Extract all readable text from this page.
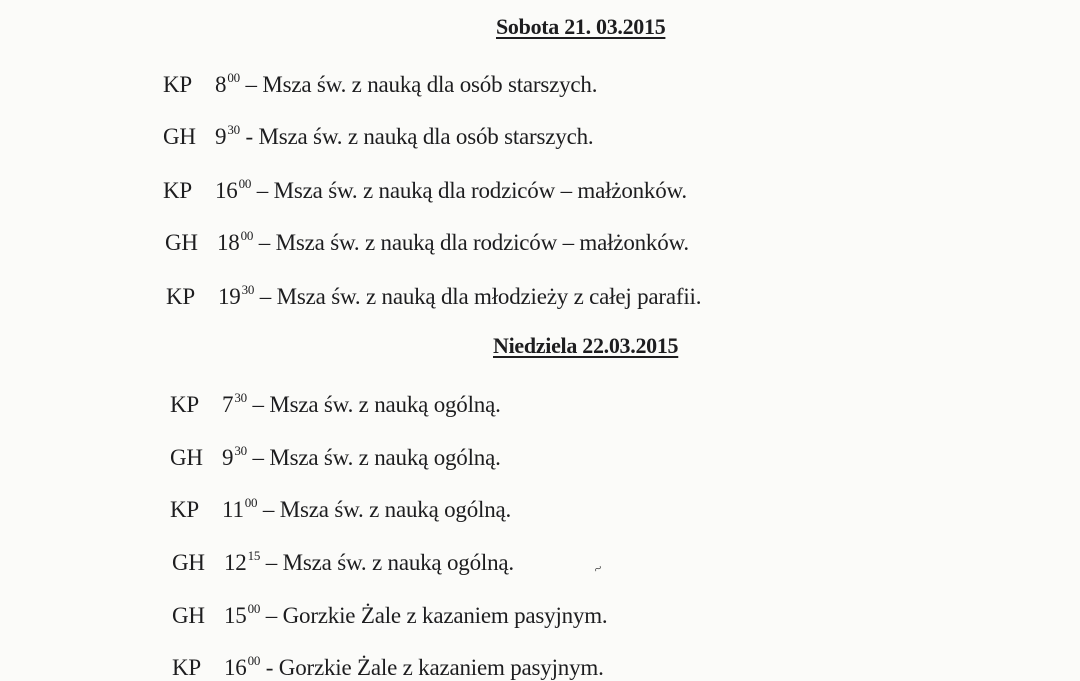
Sobota 21. 03.2015
KP $8^{00}$ – Msza św. z nauką dla osób starszych.
GH $9^{30}$ - Msza św. z nauką dla osób starszych.
KP $16^{00}$ – Msza św. z nauką dla rodziców – małżonków.
GH $18^{00}$ – Msza św. z nauką dla rodziców – małżonków.
KP $19^{30}$ – Msza św. z nauką dla młodzieży z całej parafii.
Niedziela 22.03.2015
KP $7^{30}$ – Msza św. z nauką ogólną.
GH $9^{30}$ – Msza św. z nauką ogólną.
KP $11^{00}$ – Msza św. z nauką ogólną.
GH $12^{15}$ – Msza św. z nauką ogólną.
GH $15^{00}$ – Gorzkie Żale z kazaniem pasyjnym.
KP $16^{00}$ - Gorzkie Żale z kazaniem pasyjnym.
~
